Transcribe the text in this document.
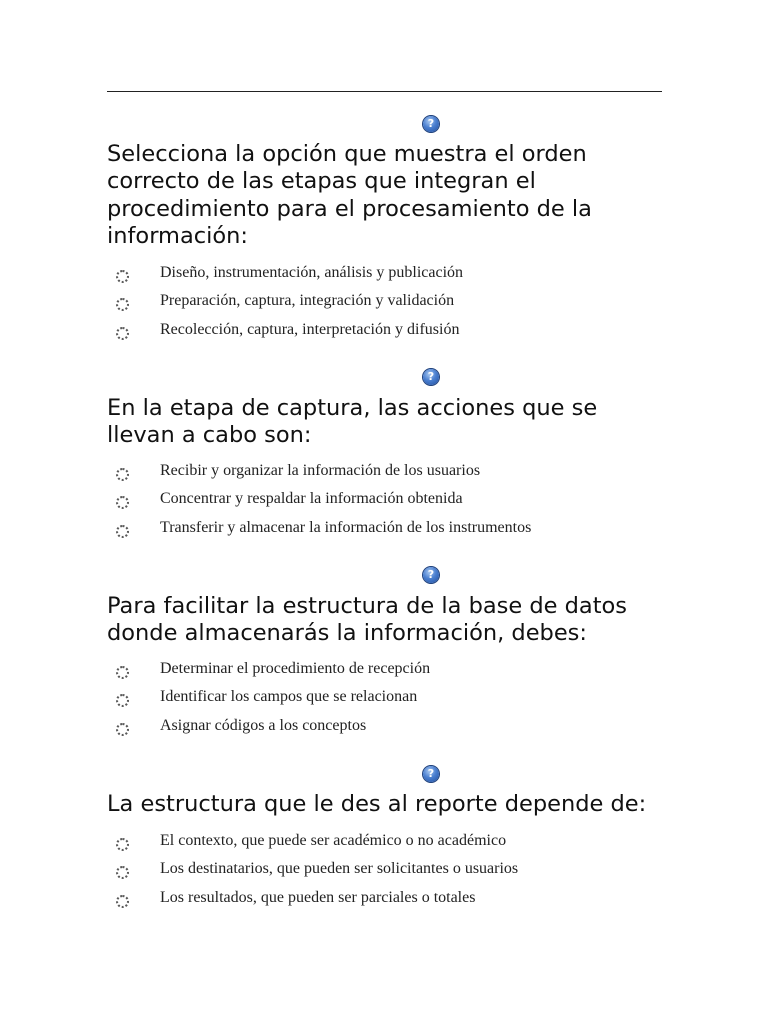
?

Selecciona la opción que muestra el orden correcto de las etapas que integran el procedimiento para el procesamiento de la información:

Diseño, instrumentación, análisis y publicación
Preparación, captura, integración y validación
Recolección, captura, interpretación y difusión
?

En la etapa de captura, las acciones que se llevan a cabo son:

Recibir y organizar la información de los usuarios
Concentrar y respaldar la información obtenida
Transferir y almacenar la información de los instrumentos
?

Para facilitar la estructura de la base de datos donde almacenarás la información, debes:

Determinar el procedimiento de recepción
Identificar los campos que se relacionan
Asignar códigos a los conceptos
?

La estructura que le des al reporte depende de:

El contexto, que puede ser académico o no académico
Los destinatarios, que pueden ser solicitantes o usuarios
Los resultados, que pueden ser parciales o totales
